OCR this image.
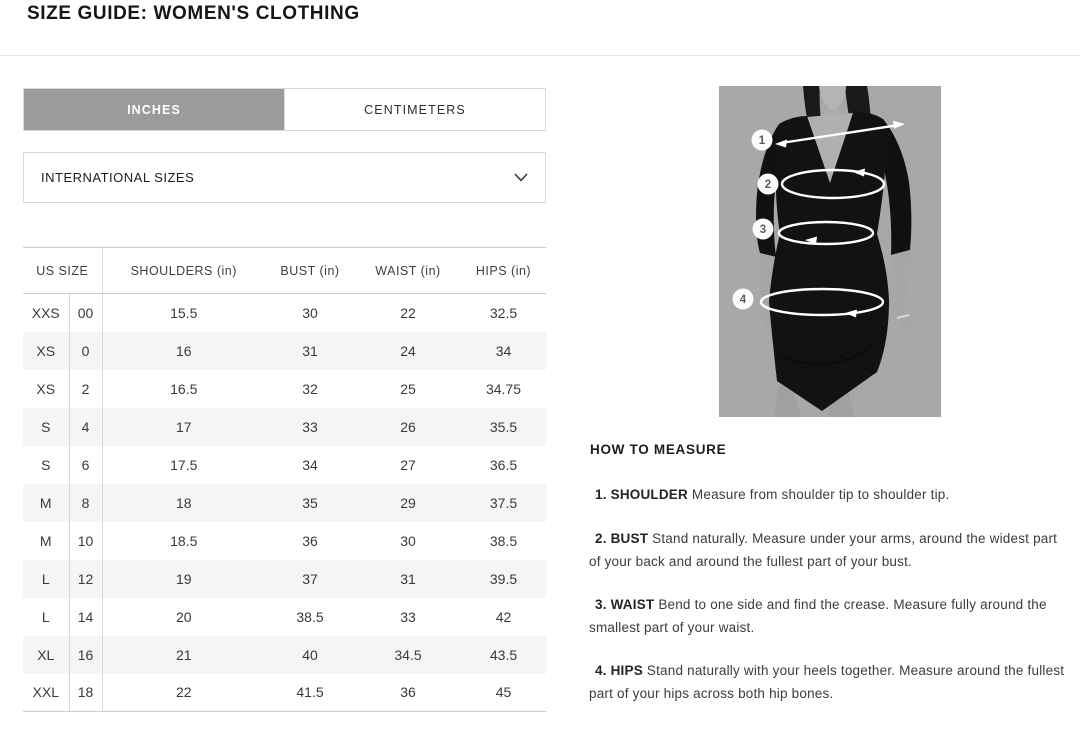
SIZE GUIDE: WOMEN'S CLOTHING
INCHES	CENTIMETERS
INTERNATIONAL SIZES
US SIZE		SHOULDERS (in)	BUST (in)	WAIST (in)	HIPS (in)
XXS	00	15.5	30	22	32.5
XS	0	16	31	24	34
XS	2	16.5	32	25	34.75
S	4	17	33	26	35.5
S	6	17.5	34	27	36.5
M	8	18	35	29	37.5
M	10	18.5	36	30	38.5
L	12	19	37	31	39.5
L	14	20	38.5	33	42
XL	16	21	40	34.5	43.5
XXL	18	22	41.5	36	45
1
2
3
4
HOW TO MEASURE

1. SHOULDER Measure from shoulder tip to shoulder tip.

2. BUST Stand naturally. Measure under your arms, around the widest part of your back and around the fullest part of your bust.

3. WAIST Bend to one side and find the crease. Measure fully around the smallest part of your waist.

4. HIPS Stand naturally with your heels together. Measure around the fullest part of your hips across both hip bones.
